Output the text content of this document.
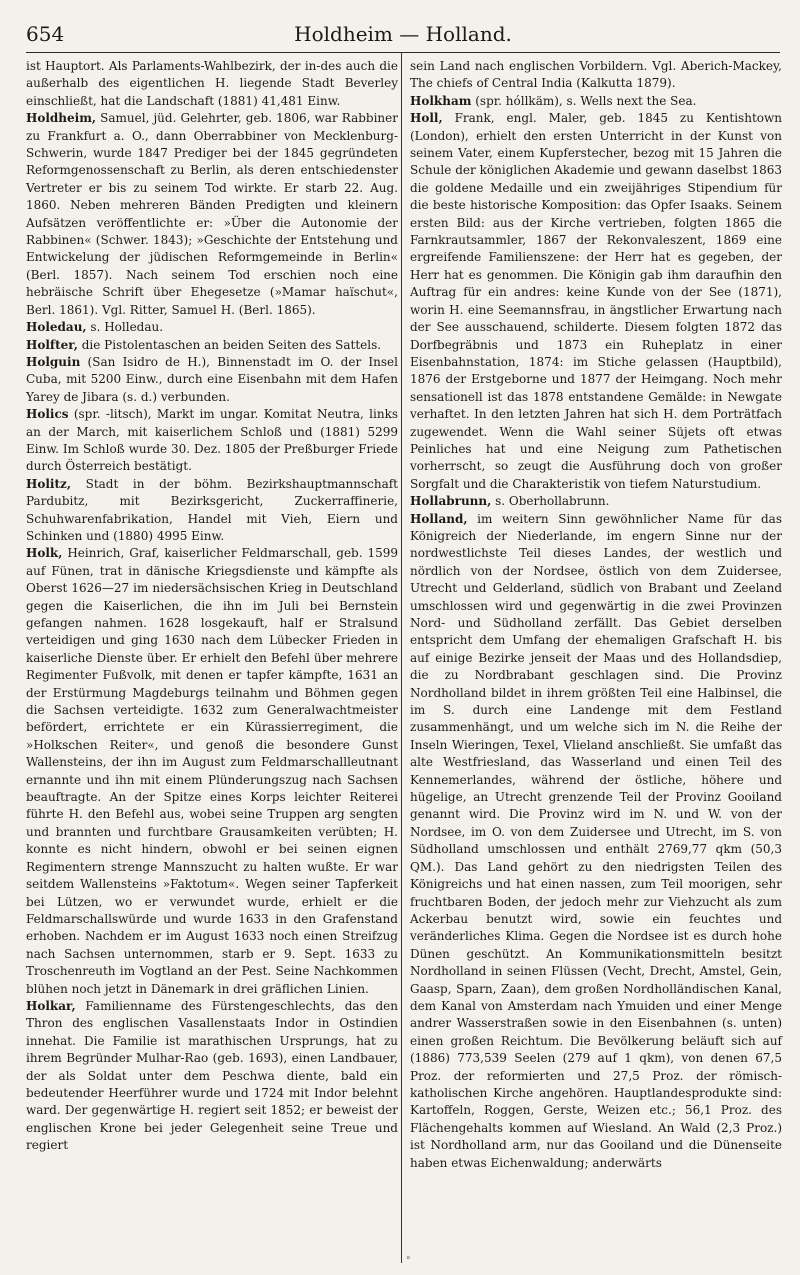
654	Holdheim — Holland.

ist Hauptort. Als Parlaments-Wahlbezirk, der in-des auch die außerhalb des eigentlichen H. liegende Stadt Beverley einschließt, hat die Landschaft (1881) 41,481 Einw.

Holdheim, Samuel, jüd. Gelehrter, geb. 1806, war Rabbiner zu Frankfurt a. O., dann Oberrabbiner von Mecklenburg-Schwerin, wurde 1847 Prediger bei der 1845 gegründeten Reformgenossenschaft zu Berlin, als deren entschiedenster Vertreter er bis zu seinem Tod wirkte. Er starb 22. Aug. 1860. Neben mehreren Bänden Predigten und kleinern Aufsätzen veröffentlichte er: »Über die Autonomie der Rabbinen« (Schwer. 1843); »Geschichte der Entstehung und Entwickelung der jüdischen Reformgemeinde in Berlin« (Berl. 1857). Nach seinem Tod erschien noch eine hebräische Schrift über Ehegesetze (»Mamar haïschut«, Berl. 1861). Vgl. Ritter, Samuel H. (Berl. 1865).

Holedau, s. Holledau.

Holfter, die Pistolentaschen an beiden Seiten des Sattels.

Holguin (San Isidro de H.), Binnenstadt im O. der Insel Cuba, mit 5200 Einw., durch eine Eisenbahn mit dem Hafen Yarey de Jibara (s. d.) verbunden.

Holics (spr. -litsch), Markt im ungar. Komitat Neutra, links an der March, mit kaiserlichem Schloß und (1881) 5299 Einw. Im Schloß wurde 30. Dez. 1805 der Preßburger Friede durch Österreich bestätigt.

Holitz, Stadt in der böhm. Bezirkshauptmannschaft Pardubitz, mit Bezirksgericht, Zuckerraffinerie, Schuhwarenfabrikation, Handel mit Vieh, Eiern und Schinken und (1880) 4995 Einw.

Holk, Heinrich, Graf, kaiserlicher Feldmarschall, geb. 1599 auf Fünen, trat in dänische Kriegsdienste und kämpfte als Oberst 1626—27 im niedersächsischen Krieg in Deutschland gegen die Kaiserlichen, die ihn im Juli bei Bernstein gefangen nahmen. 1628 losgekauft, half er Stralsund verteidigen und ging 1630 nach dem Lübecker Frieden in kaiserliche Dienste über. Er erhielt den Befehl über mehrere Regimenter Fußvolk, mit denen er tapfer kämpfte, 1631 an der Erstürmung Magdeburgs teilnahm und Böhmen gegen die Sachsen verteidigte. 1632 zum Generalwachtmeister befördert, errichtete er ein Kürassierregiment, die »Holkschen Reiter«, und genoß die besondere Gunst Wallensteins, der ihn im August zum Feldmarschallleutnant ernannte und ihn mit einem Plünderungszug nach Sachsen beauftragte. An der Spitze eines Korps leichter Reiterei führte H. den Befehl aus, wobei seine Truppen arg sengten und brannten und furchtbare Grausamkeiten verübten; H. konnte es nicht hindern, obwohl er bei seinen eignen Regimentern strenge Mannszucht zu halten wußte. Er war seitdem Wallensteins »Faktotum«. Wegen seiner Tapferkeit bei Lützen, wo er verwundet wurde, erhielt er die Feldmarschallswürde und wurde 1633 in den Grafenstand erhoben. Nachdem er im August 1633 noch einen Streifzug nach Sachsen unternommen, starb er 9. Sept. 1633 zu Troschenreuth im Vogtland an der Pest. Seine Nachkommen blühen noch jetzt in Dänemark in drei gräflichen Linien.

Holkar, Familienname des Fürstengeschlechts, das den Thron des englischen Vasallenstaats Indor in Ostindien innehat. Die Familie ist marathischen Ursprungs, hat zu ihrem Begründer Mulhar-Rao (geb. 1693), einen Landbauer, der als Soldat unter dem Peschwa diente, bald ein bedeutender Heerführer wurde und 1724 mit Indor belehnt ward. Der gegenwärtige H. regiert seit 1852; er beweist der englischen Krone bei jeder Gelegenheit seine Treue und regiert

sein Land nach englischen Vorbildern. Vgl. Aberich-Mackey, The chiefs of Central India (Kalkutta 1879).

Holkham (spr. hóllkäm), s. Wells next the Sea.

Holl, Frank, engl. Maler, geb. 1845 zu Kentishtown (London), erhielt den ersten Unterricht in der Kunst von seinem Vater, einem Kupferstecher, bezog mit 15 Jahren die Schule der königlichen Akademie und gewann daselbst 1863 die goldene Medaille und ein zweijähriges Stipendium für die beste historische Komposition: das Opfer Isaaks. Seinem ersten Bild: aus der Kirche vertrieben, folgten 1865 die Farnkrautsammler, 1867 der Rekonvaleszent, 1869 eine ergreifende Familienszene: der Herr hat es gegeben, der Herr hat es genommen. Die Königin gab ihm daraufhin den Auftrag für ein andres: keine Kunde von der See (1871), worin H. eine Seemannsfrau, in ängstlicher Erwartung nach der See ausschauend, schilderte. Diesem folgten 1872 das Dorfbegräbnis und 1873 ein Ruheplatz in einer Eisenbahnstation, 1874: im Stiche gelassen (Hauptbild), 1876 der Erstgeborne und 1877 der Heimgang. Noch mehr sensationell ist das 1878 entstandene Gemälde: in Newgate verhaftet. In den letzten Jahren hat sich H. dem Porträtfach zugewendet. Wenn die Wahl seiner Süjets oft etwas Peinliches hat und eine Neigung zum Pathetischen vorherrscht, so zeugt die Ausführung doch von großer Sorgfalt und die Charakteristik von tiefem Naturstudium.

Hollabrunn, s. Oberhollabrunn.

Holland, im weitern Sinn gewöhnlicher Name für das Königreich der Niederlande, im engern Sinne nur der nordwestlichste Teil dieses Landes, der westlich und nördlich von der Nordsee, östlich von dem Zuidersee, Utrecht und Gelderland, südlich von Brabant und Zeeland umschlossen wird und gegenwärtig in die zwei Provinzen Nord- und Südholland zerfällt. Das Gebiet derselben entspricht dem Umfang der ehemaligen Grafschaft H. bis auf einige Bezirke jenseit der Maas und des Hollandsdiep, die zu Nordbrabant geschlagen sind. Die Provinz Nordholland bildet in ihrem größten Teil eine Halbinsel, die im S. durch eine Landenge mit dem Festland zusammenhängt, und um welche sich im N. die Reihe der Inseln Wieringen, Texel, Vlieland anschließt. Sie umfaßt das alte Westfriesland, das Wasserland und einen Teil des Kennemerlandes, während der östliche, höhere und hügelige, an Utrecht grenzende Teil der Provinz Gooiland genannt wird. Die Provinz wird im N. und W. von der Nordsee, im O. von dem Zuidersee und Utrecht, im S. von Südholland umschlossen und enthält 2769,77 qkm (50,3 QM.). Das Land gehört zu den niedrigsten Teilen des Königreichs und hat einen nassen, zum Teil moorigen, sehr fruchtbaren Boden, der jedoch mehr zur Viehzucht als zum Ackerbau benutzt wird, sowie ein feuchtes und veränderliches Klima. Gegen die Nordsee ist es durch hohe Dünen geschützt. An Kommunikationsmitteln besitzt Nordholland in seinen Flüssen (Vecht, Drecht, Amstel, Gein, Gaasp, Sparn, Zaan), dem großen Nordholländischen Kanal, dem Kanal von Amsterdam nach Ymuiden und einer Menge andrer Wasserstraßen sowie in den Eisenbahnen (s. unten) einen großen Reichtum. Die Bevölkerung beläuft sich auf (1886) 773,539 Seelen (279 auf 1 qkm), von denen 67,5 Proz. der reformierten und 27,5 Proz. der römisch-katholischen Kirche angehören. Hauptlandesprodukte sind: Kartoffeln, Roggen, Gerste, Weizen etc.; 56,1 Proz. des Flächengehalts kommen auf Wiesland. An Wald (2,3 Proz.) ist Nordholland arm, nur das Gooiland und die Dünenseite haben etwas Eichenwaldung; anderwärts

°
